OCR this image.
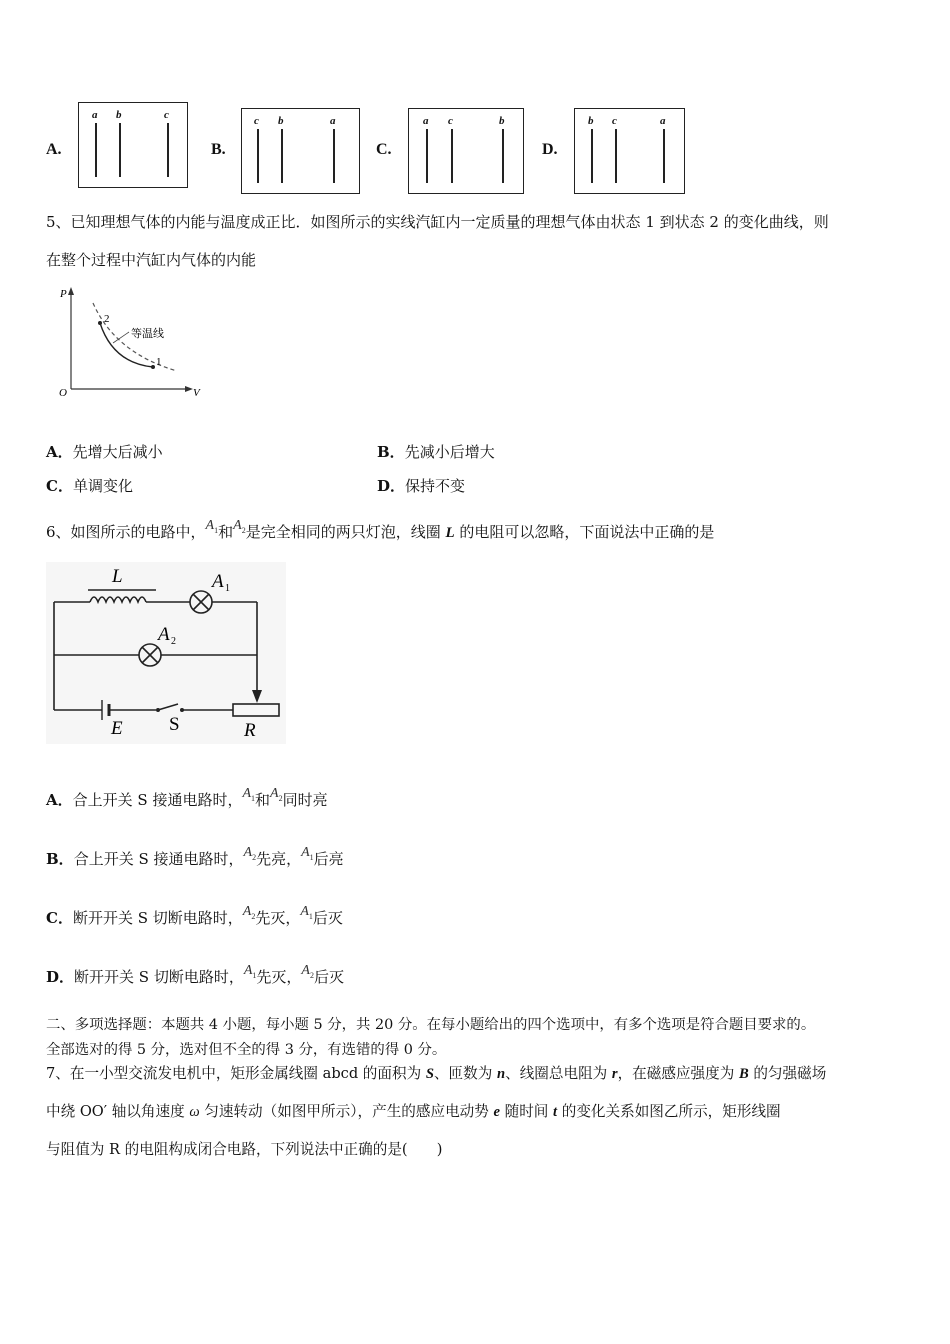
A.
a b	c
B.
c b	a
C.
a c	b
D.
b c	a
5、已知理想气体的内能与温度成正比．如图所示的实线汽缸内一定质量的理想气体由状态 1 到状态 2 的变化曲线，则
在整个过程中汽缸内气体的内能
P
V
O
2
1
等温线
A．先增大后减小	B．先减小后增大
C．单调变化	D．保持不变
6、如图所示的电路中，$A_1$和$A_2$是完全相同的两只灯泡，线圈 L 的电阻可以忽略，下面说法中正确的是
L	A 1
A 2
E S	R
A．合上开关 S 接通电路时，$A_1$和$A_2$同时亮
B．合上开关 S 接通电路时，$A_2$先亮，$A_1$后亮
C．断开开关 S 切断电路时，$A_2$先灭，$A_1$后灭
D．断开开关 S 切断电路时，$A_1$先灭，$A_2$后灭
二、多项选择题：本题共 4 小题，每小题 5 分，共 20 分。在每小题给出的四个选项中，有多个选项是符合题目要求的。
全部选对的得 5 分，选对但不全的得 3 分，有选错的得 0 分。
7、在一小型交流发电机中，矩形金属线圈 abcd 的面积为 S、匝数为 n、线圈总电阻为 r，在磁感应强度为 B 的匀强磁场
中绕 OO′ 轴以角速度 ω 匀速转动（如图甲所示），产生的感应电动势 e 随时间 t 的变化关系如图乙所示，矩形线圈
与阻值为 R 的电阻构成闭合电路，下列说法中正确的是(　　)
